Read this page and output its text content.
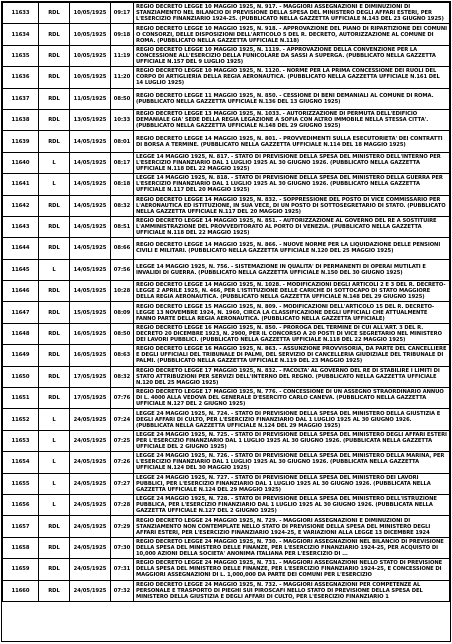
11633	RDL	10/05/1925	09:17	REGIO DECRETO LEGGE 10 MAGGIO 1925, N. 917. - MAGGIORI ASSEGNAZIONI E DIMINUZIONI DI STANZIAMENTO NEL BILANCIO DI PREVISIONE DELLA SPESA DEL MINISTERO DEGLI AFFARI ESTERI, PER L'ESERCIZIO FINANZIARIO 1924-25. (PUBBLICATO NELLA GAZZETTA UFFICIALE N.143 DEL 23 GIUGNO 1925)

11634	RDL	10/05/1925	09:18	REGIO DECRETO LEGGE 10 MAGGIO 1925, N. 918. - APPROVAZIONE DEL PIANO DI RIPARTIZIONE DEI COMUNI O CONSORZI, DELLE DISPOSIZIONI DELL'ARTICOLO 5 DEL R. DECRETO, AUTORIZZAZIONE AL COMUNE DI ROMA. (PUBBLICATO NELLA GAZZETTA UFFICIALE N.118)

11635	RDL	10/05/1925	11:19	REGIO DECRETO LEGGE 10 MAGGIO 1925, N. 1119. - APPROVAZIONE DELLA CONVENZIONE PER LA CONCESSIONE ALL'ESERCIZIO DELLA FUNICOLARE DA SASSI A SUPERGA. (PUBBLICATO NELLA GAZZETTA UFFICIALE N.157 DEL 9 LUGLIO 1925)

11636	RDL	10/05/1925	11:20	REGIO DECRETO LEGGE 10 MAGGIO 1925, N. 1120. - NORME PER LA PRIMA CONCESSIONE DEI RUOLI DEL CORPO DI ARTIGLIERIA DELLA REGIA AERONAUTICA. (PUBBLICATO NELLA GAZZETTA UFFICIALE N.161 DEL 14 LUGLIO 1925)

11637	RDL	11/05/1925	08:50	REGIO DECRETO LEGGE 11 MAGGIO 1925, N. 850. - CESSIONE DI BENI DEMANIALI AL COMUNE DI ROMA. (PUBBLICATO NELLA GAZZETTA UFFICIALE N.136 DEL 13 GIUGNO 1925)

11638	RDL	13/05/1925	10:33	REGIO DECRETO LEGGE 13 MAGGIO 1925, N. 1033. - AUTORIZZAZIONE DI PERMUTA DELL'EDIFICIO DEMANIALE GIA' SEDE DELLA REGIA LEGAZIONE A SOFIA CON ALTRO IMMOBILE NELLA STESSA CITTA'. (PUBBLICATO NELLA GAZZETTA UFFICIALE N.148 DEL 29 GIUGNO 1925)

11639	RDL	14/05/1925	08:01	REGIO DECRETO LEGGE 14 MAGGIO 1925, N. 801. - PROVVEDIMENTI SULLA ESECUTORIETA' DEI CONTRATTI DI BORSA A TERMINE. (PUBBLICATO NELLA GAZZETTA UFFICIALE N.114 DEL 18 MAGGIO 1925)

11640	L	14/05/1925	08:17	LEGGE 14 MAGGIO 1925, N. 817. - STATO DI PREVISIONE DELLA SPESA DEL MINISTERO DELL'INTERNO PER L'ESERCIZIO FINANZIARIO DAL 1 LUGLIO 1925 AL 30 GIUGNO 1926. (PUBBLICATO NELLA GAZZETTA UFFICIALE N.118 DEL 22 MAGGIO 1925)

11641	L	14/05/1925	08:18	LEGGE 14 MAGGIO 1925, N. 818. - STATO DI PREVISIONE DELLA SPESA DEL MINISTERO DELLA GUERRA PER L'ESERCIZIO FINANZIARIO DAL 1 LUGLIO 1925 AL 30 GIUGNO 1926. (PUBBLICATO NELLA GAZZETTA UFFICIALE N.117 DEL 20 MAGGIO 1925)

11642	RDL	14/05/1925	08:32	REGIO DECRETO LEGGE 14 MAGGIO 1925, N. 832. - SOPPRESSIONE DEL POSTO DI VICE COMMISSARIO PER L'AERONAUTICA ED ISTITUZIONE, IN SUA VECE, DI UN POSTO DI SOTTOSEGRETARIO DI STATO. (PUBBLICATO NELLA GAZZETTA UFFICIALE N.117 DEL 20 MAGGIO 1925)

11643	RDL	14/05/1925	08:51	REGIO DECRETO LEGGE 14 MAGGIO 1925, N. 851. - AUTORIZZAZIONE AL GOVERNO DEL RE A SOSTITUIRE L'AMMINISTRAZIONE DEL PROVVEDITORATO AL PORTO DI VENEZIA. (PUBBLICATO NELLA GAZZETTA UFFICIALE N.118 DEL 22 MAGGIO 1925)

11644	RDL	14/05/1925	08:66	REGIO DECRETO LEGGE 14 MAGGIO 1925, N. 866. - NUOVE NORME PER LA LIQUIDAZIONE DELLE PENSIONI CIVILI E MILITARI. (PUBBLICATO NELLA GAZZETTA UFFICIALE N.120 DEL 25 MAGGIO 1925)

11645	L	14/05/1925	07:56	LEGGE 14 MAGGIO 1925, N. 756. - SISTEMAZIONE IN QUALITA' DI PERMANENTI DI OPERAI MUTILATI E INVALIDI DI GUERRA. (PUBBLICATO NELLA GAZZETTA UFFICIALE N.150 DEL 30 GIUGNO 1925)

11646	RDL	14/05/1925	10:28	REGIO DECRETO LEGGE 14 MAGGIO 1925, N. 1028. - MODIFICAZIONI DEGLI ARTICOLI 2 E 3 DEL R. DECRETO-LEGGE 2 APRILE 1925, N. 466, PER L'ISTITUZIONE DELLE CARICHE DI SOTTOCAPO DI STATO MAGGIORE DELLA REGIA AERONAUTICA. (PUBBLICATO NELLA GAZZETTA UFFICIALE N.148 DEL 29 GIUGNO 1925)

11647	RDL	15/05/1925	08:09	REGIO DECRETO LEGGE 15 MAGGIO 1925, N. 809. - MODIFICAZIONI DELL'ARTICOLO 15 DEL R. DECRETO-LEGGE 13 NOVEMBRE 1924, N. 1960, CIRCA LA CLASSIFICAZIONE DEGLI UFFICIALI CHE ATTUALMENTE FANNO PARTE DELLA REGIA AERONAUTICA. (PUBBLICATO NELLA GAZZETTA UFFICIALE)

11648	RDL	16/05/1925	08:50	REGIO DECRETO LEGGE 16 MAGGIO 1925, N. 850. - PROROGA DEL TERMINE DI CUI ALL'ART. 3 DEL R. DECRETO 20 DICEMBRE 1923, N. 2900, PER IL CONCORSO A 20 POSTI DI VICE SEGRETARIO NEL MINISTERO DEI LAVORI PUBBLICI. (PUBBLICATO NELLA GAZZETTA UFFICIALE N.118 DEL 22 MAGGIO 1925)

11649	RDL	16/05/1925	08:63	REGIO DECRETO LEGGE 16 MAGGIO 1925, N. 863. - ASSUNZIONE PROVVISORIA, DA PARTE DEL CANCELLIERE E DEGLI UFFICIALI DEL TRIBUNALE DI PALMI, DEL SERVIZIO DI CANCELLERIA GIUDIZIALE DEL TRIBUNALE DI PALMI. (PUBBLICATO NELLA GAZZETTA UFFICIALE N.119 DEL 23 MAGGIO 1925)

11650	RDL	17/05/1925	08:32	REGIO DECRETO LEGGE 17 MAGGIO 1925, N. 832. - FACOLTA' AL GOVERNO DEL RE DI STABILIRE I LIMITI DI STATO ATTRIBUZIONI PER SERVIZI DELL'INTERNO DEL REGNO. (PUBBLICATO NELLA GAZZETTA UFFICIALE N.120 DEL 25 MAGGIO 1925)

11651	RDL	17/05/1925	07:76	REGIO DECRETO LEGGE 17 MAGGIO 1925, N. 776. - CONCESSIONE DI UN ASSEGNO STRAORDINARIO ANNUO DI L. 4000 ALLA VEDOVA DEL GENERALE D'ESERCITO CARLO CANEVA. (PUBBLICATO NELLA GAZZETTA UFFICIALE N.127 DEL 2 GIUGNO 1925)

11652	L	24/05/1925	07:24	LEGGE 24 MAGGIO 1925, N. 724. - STATO DI PREVISIONE DELLA SPESA DEL MINISTERO DELLA GIUSTIZIA E DEGLI AFFARI DI CULTO, PER L'ESERCIZIO FINANZIARIO DAL 1 LUGLIO 1925 AL 30 GIUGNO 1926. (PUBBLICATA NELLA GAZZETTA UFFICIALE N.124 DEL 29 MAGGIO 1925)

11653	L	24/05/1925	07:25	LEGGE 24 MAGGIO 1925, N. 725. - STATO DI PREVISIONE DELLA SPESA DEL MINISTERO DEGLI AFFARI ESTERI PER L'ESERCIZIO FINANZIARIO DAL 1 LUGLIO 1925 AL 30 GIUGNO 1926. (PUBBLICATA NELLA GAZZETTA UFFICIALE DEL 2 GIUGNO 1925)

11654	L	24/05/1925	07:26	LEGGE 24 MAGGIO 1925, N. 726. - STATO DI PREVISIONE DELLA SPESA DEL MINISTERO DELLA MARINA, PER L'ESERCIZIO FINANZIARIO DAL 1 LUGLIO 1925 AL 30 GIUGNO 1926. (PUBBLICATA NELLA GAZZETTA UFFICIALE N.124 DEL 30 MAGGIO 1925)

11655	L	24/05/1925	07:27	LEGGE 24 MAGGIO 1925, N. 727. - STATO DI PREVISIONE DELLA SPESA DEL MINISTERO DEI LAVORI PUBBLICI, PER L'ESERCIZIO FINANZIARIO DAL 1 LUGLIO 1925 AL 30 GIUGNO 1926. (PUBBLICATA NELLA GAZZETTA UFFICIALE N.124 DEL 29 MAGGIO 1925)

11656	L	24/05/1925	07:28	LEGGE 24 MAGGIO 1925, N. 728. - STATO DI PREVISIONE DELLA SPESA DEL MINISTERO DELL'ISTRUZIONE PUBBLICA, PER L'ESERCIZIO FINANZIARIO DAL 1 LUGLIO 1925 AL 30 GIUGNO 1926. (PUBBLICATA NELLA GAZZETTA UFFICIALE N.127 DEL 2 GIUGNO 1925)

11657	RDL	24/05/1925	07:29	REGIO DECRETO LEGGE 24 MAGGIO 1925, N. 729. - MAGGIORI ASSEGNAZIONI E DIMINUZIONI DI STANZIAMENTO NON CONTEMPLATE NELLO STATO DI PREVISIONE DELLA SPESA DEL MINISTERO DEGLI AFFARI ESTERI, PER L'ESERCIZIO FINANZIARIO 1924-25, E VARIAZIONI ALLA LEGGE 13 DICEMBRE 1924

11658	RDL	24/05/1925	07:30	REGIO DECRETO LEGGE 24 MAGGIO 1925, N. 730. - MAGGIORI ASSEGNAZIONI NEL BILANCIO DI PREVISIONE DELLA SPESA DEL MINISTERO DELLE FINANZE, PER L'ESERCIZIO FINANZIARIO 1924-25, PER ACQUISTO DI 10,000 AZIONI DELLA SOCIETA' ANONIMA ITALIANA PER L'ESERCIZIO DI ...

11659	RDL	24/05/1925	07:31	REGIO DECRETO LEGGE 24 MAGGIO 1925, N. 731. - MAGGIORI ASSEGNAZIONI NELLO STATO DI PREVISIONE DELLA SPESA DEL MINISTERO DELLE FINANZE, PER L'ESERCIZIO FINANZIARIO 1924-25, E CONCESSIONE DI MAGGIORI ASSEGNAZIONI DI L. 1,000,000 DA PARTE DEI COMUNI PER L'ESERCIZIO

11660	RDL	24/05/1925	07:32	REGIO DECRETO LEGGE 24 MAGGIO 1925, N. 732. - MAGGIORI ASSEGNAZIONI PER COMPETENZE AL PERSONALE E TRASPORTO DI PIEGHI SUI PIROSCAFI NELLO STATO DI PREVISIONE DELLA SPESA DEL MINISTERO DELLA GIUSTIZIA E DEGLI AFFARI DI CULTO, PER L'ESERCIZIO FINANZIARIO 1
